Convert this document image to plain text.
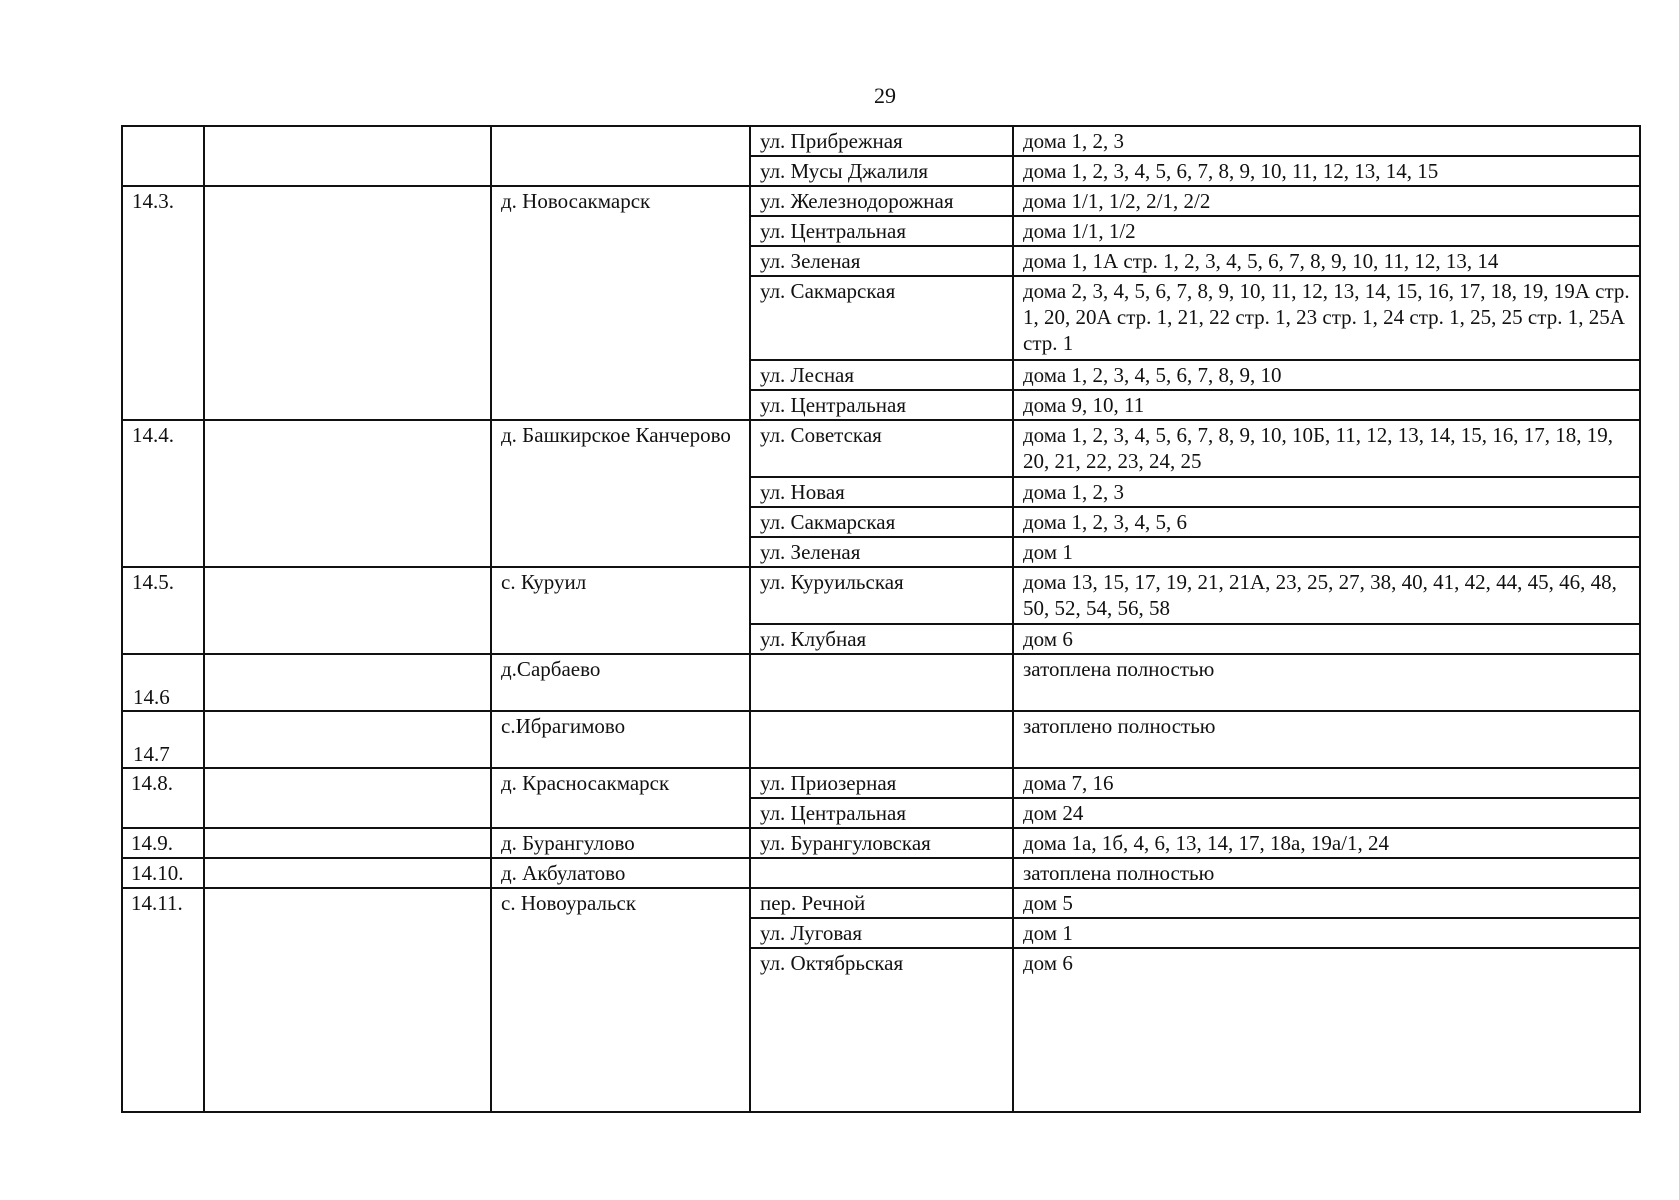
29
			ул. Прибрежная	дома 1, 2, 3
			ул. Мусы Джалиля	дома 1, 2, 3, 4, 5, 6, 7, 8, 9, 10, 11, 12, 13, 14, 15
14.3.		д. Новосакмарск	ул. Железнодорожная	дома 1/1, 1/2, 2/1, 2/2
			ул. Центральная	дома 1/1, 1/2
			ул. Зеленая	дома 1, 1А стр. 1, 2, 3, 4, 5, 6, 7, 8, 9, 10, 11, 12, 13, 14
			ул. Сакмарская	дома 2, 3, 4, 5, 6, 7, 8, 9, 10, 11, 12, 13, 14, 15, 16, 17, 18, 19, 19А стр. 1, 20, 20А стр. 1, 21, 22 стр. 1, 23 стр. 1, 24 стр. 1, 25, 25 стр. 1, 25А стр. 1
			ул. Лесная	дома 1, 2, 3, 4, 5, 6, 7, 8, 9, 10
			ул. Центральная	дома 9, 10, 11
14.4.		д. Башкирское Канчерово	ул. Советская	дома 1, 2, 3, 4, 5, 6, 7, 8, 9, 10, 10Б, 11, 12, 13, 14, 15, 16, 17, 18, 19, 20, 21, 22, 23, 24, 25
			ул. Новая	дома 1, 2, 3
			ул. Сакмарская	дома 1, 2, 3, 4, 5, 6
			ул. Зеленая	дом 1
14.5.		с. Куруил	ул. Куруильская	дома 13, 15, 17, 19, 21, 21А, 23, 25, 27, 38, 40, 41, 42, 44, 45, 46, 48, 50, 52, 54, 56, 58
			ул. Клубная	дом 6
14.6		д.Сарбаево		затоплена полностью
14.7		с.Ибрагимово		затоплено полностью
14.8.		д. Красносакмарск	ул. Приозерная	дома 7, 16
			ул. Центральная	дом 24
14.9.		д. Бурангулово	ул. Бурангуловская	дома 1а, 1б, 4, 6, 13, 14, 17, 18а, 19а/1, 24
14.10.		д. Акбулатово		затоплена полностью
14.11.		с. Новоуральск	пер. Речной	дом 5
			ул. Луговая	дом 1
			ул. Октябрьская	дом 6
